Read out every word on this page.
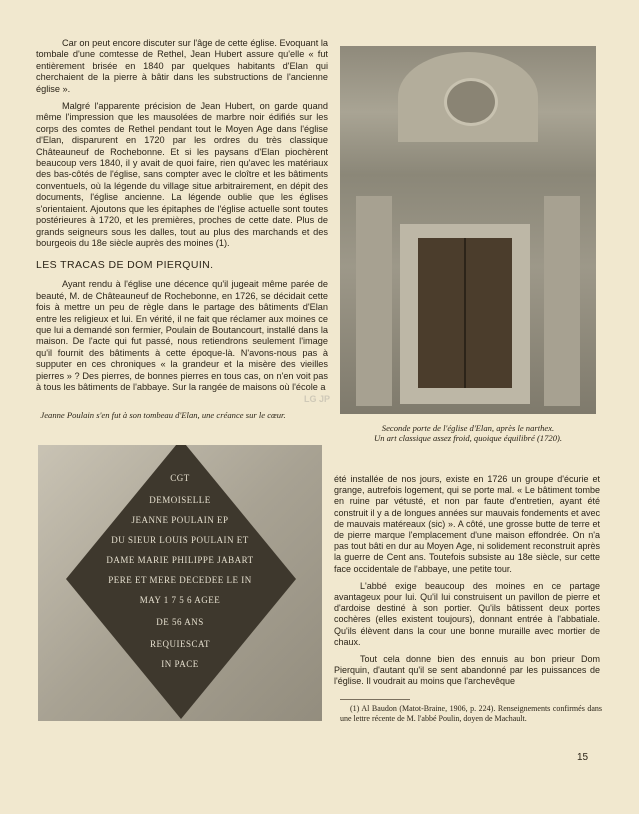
Car on peut encore discuter sur l'âge de cette église. Evoquant la tombale d'une comtesse de Rethel, Jean Hubert assure qu'elle « fut entièrement brisée en 1840 par quelques habitants d'Elan qui cherchaient de la pierre à bâtir dans les substructions de l'ancienne église ».

Malgré l'apparente précision de Jean Hubert, on garde quand même l'impression que les mausolées de marbre noir édifiés sur les corps des comtes de Rethel pendant tout le Moyen Age dans l'église d'Elan, disparurent en 1720 par les ordres du très classique Châteauneuf de Rochebonne. Et si les paysans d'Elan piochèrent beaucoup vers 1840, il y avait de quoi faire, rien qu'avec les matériaux des bas-côtés de l'église, sans compter avec le cloître et les bâtiments conventuels, où la légende du village situe arbitrairement, en dépit des documents, l'église ancienne. La légende oublie que les églises s'orientaient. Ajoutons que les épitaphes de l'église actuelle sont toutes postérieures à 1720, et les premières, proches de cette date. Plus de grands seigneurs sous les dalles, tout au plus des marchands et des bourgeois du 18e siècle auprès des moines (1).

LES TRACAS DE DOM PIERQUIN.

Ayant rendu à l'église une décence qu'il jugeait même parée de beauté, M. de Châteauneuf de Rochebonne, en 1726, se décidait cette fois à mettre un peu de règle dans le partage des bâtiments d'Elan entre les religieux et lui. En vérité, il ne fait que réclamer aux moines ce que lui a demandé son fermier, Poulain de Boutancourt, installé dans la maison. De l'acte qui fut passé, nous retiendrons seulement l'image qu'il fournit des bâtiments à cette époque-là. N'avons-nous pas à supputer en ces chroniques « la grandeur et la misère des vieilles pierres » ? Des pierres, de bonnes pierres en tous cas, on n'en voit pas à tous les bâtiments de l'abbaye. Sur la rangée de maisons où l'école a

Jeanne Poulain s'en fut à son tombeau d'Elan, une créance sur le cœur.
LG JP
Seconde porte de l'église d'Elan, après le narthex.
Un art classique assez froid, quoique équilibré (1720).
CGT
DEMOISELLE
JEANNE POULAIN EP
DU SIEUR LOUIS POULAIN ET
DAME MARIE PHILIPPE JABART
PERE ET MERE DECEDEE LE IN
MAY 1 7 5 6 AGEE
DE 56 ANS
REQUIESCAT
IN PACE

été installée de nos jours, existe en 1726 un groupe d'écurie et grange, autrefois logement, qui se porte mal. « Le bâtiment tombe en ruine par vétusté, et non par faute d'entretien, ayant été construit il y a de longues années sur mauvais fondements et avec de mauvais matéreaux (sic) ». A côté, une grosse butte de terre et de pierre marque l'emplacement d'une maison effondrée. On n'a pas tout bâti en dur au Moyen Age, ni solidement reconstruit après la guerre de Cent ans. Toutefois subsiste au 18e siècle, sur cette face occidentale de l'abbaye, une petite tour.

L'abbé exige beaucoup des moines en ce partage avantageux pour lui. Qu'il lui construisent un pavillon de pierre et d'ardoise destiné à son portier. Qu'ils bâtissent deux portes cochères (elles existent toujours), donnant entrée à l'abbatiale. Qu'ils élèvent dans la cour une bonne muraille avec mortier de chaux.

Tout cela donne bien des ennuis au bon prieur Dom Pierquin, d'autant qu'il se sent abandonné par les puissances de l'église. Il voudrait au moins que l'archevêque

(1) Al Baudon (Matot-Braine, 1906, p. 224). Renseignements confirmés dans une lettre récente de M. l'abbé Poulin, doyen de Machault.
15
